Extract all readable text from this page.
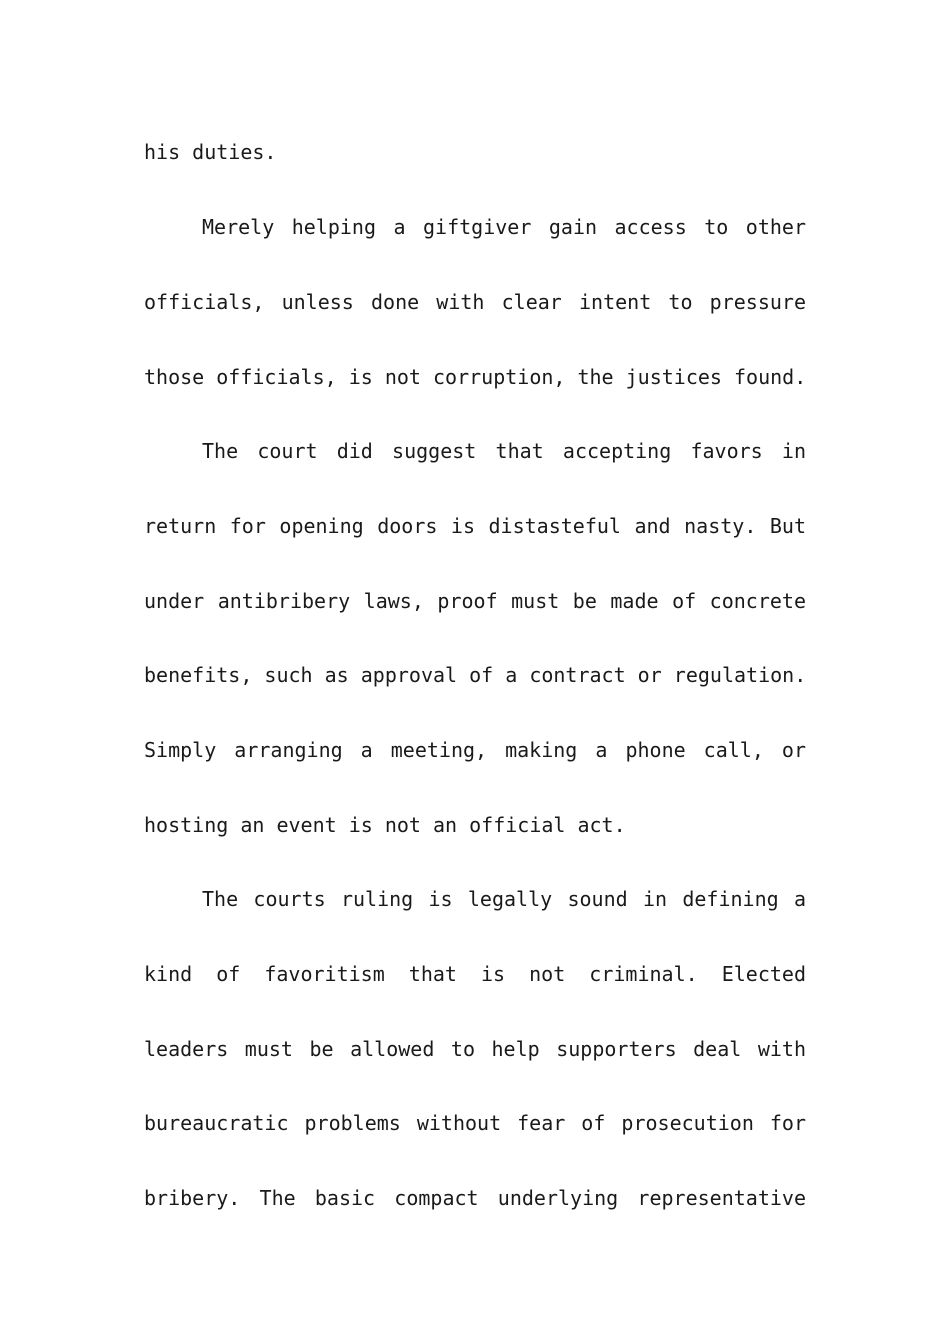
his duties.
Merely helping a giftgiver gain access to other
officials, unless done with clear intent to pressure
those officials, is not corruption, the justices found.
The court did suggest that accepting favors in
return for opening doors is distasteful and nasty. But
under antibribery laws, proof must be made of concrete
benefits, such as approval of a contract or regulation.
Simply arranging a meeting, making a phone call, or
hosting an event is not an official act.
The courts ruling is legally sound in defining a
kind of favoritism that is not criminal. Elected
leaders must be allowed to help supporters deal with
bureaucratic problems without fear of prosecution for
bribery. The basic compact underlying representative
